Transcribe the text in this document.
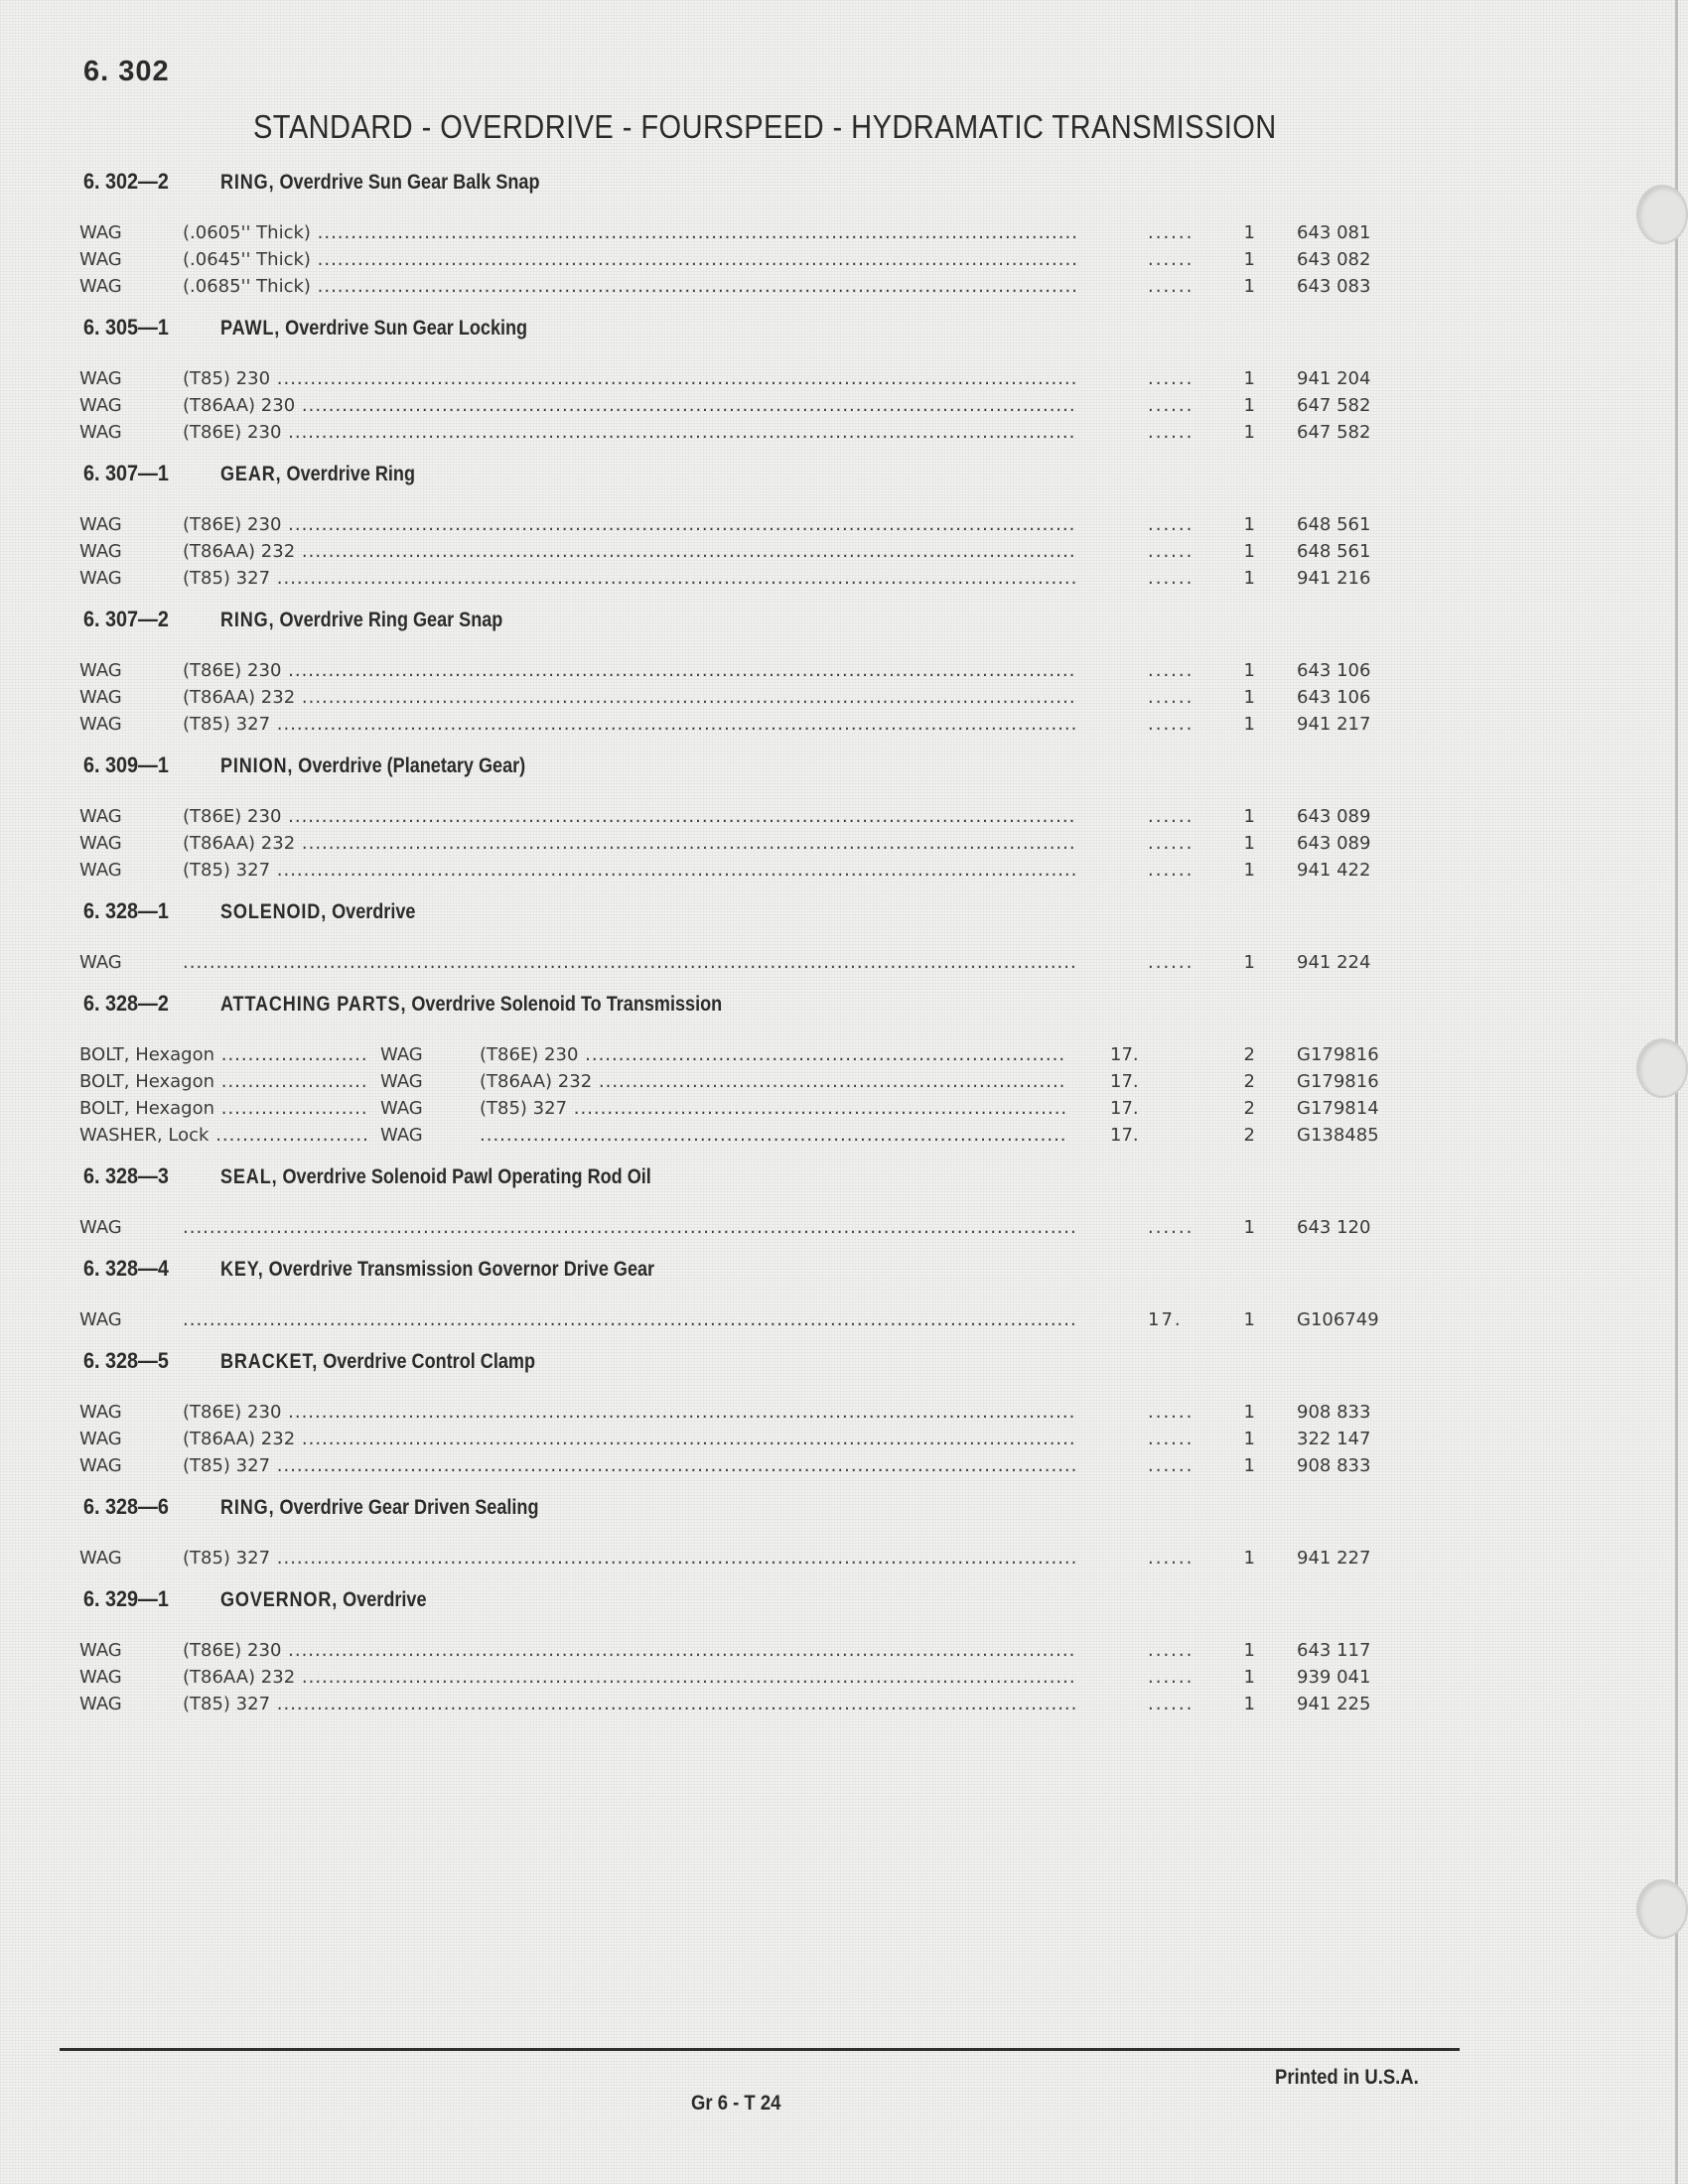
6. 302
STANDARD - OVERDRIVE - FOURSPEED - HYDRAMATIC TRANSMISSION
6. 302—2	RING, Overdrive Sun Gear Balk Snap
WAG	(.0605'' Thick) .....	......	1 643 081
WAG	(.0645'' Thick) .....	......	1 643 082
WAG	(.0685'' Thick) .....	......	1 643 083
6. 305—1	PAWL, Overdrive Sun Gear Locking
WAG	(T85) 230 .....	......	1 941 204
WAG	(T86AA) 230 .....	......	1 647 582
WAG	(T86E) 230 .....	......	1 647 582
6. 307—1	GEAR, Overdrive Ring
WAG	(T86E) 230 .....	......	1 648 561
WAG	(T86AA) 232 .....	......	1 648 561
WAG	(T85) 327 .....	......	1 941 216
6. 307—2	RING, Overdrive Ring Gear Snap
WAG	(T86E) 230 .....	......	1 643 106
WAG	(T86AA) 232 .....	......	1 643 106
WAG	(T85) 327 .....	......	1 941 217
6. 309—1	PINION, Overdrive (Planetary Gear)
WAG	(T86E) 230 .....	......	1 643 089
WAG	(T86AA) 232 .....	......	1 643 089
WAG	(T85) 327 .....	......	1 941 422
6. 328—1	SOLENOID, Overdrive
WAG .....	......	1 941 224
6. 328—2	ATTACHING PARTS, Overdrive Solenoid To Transmission
BOLT, Hexagon .....	WAG	(T86E) 230 .....	17.	2 G179816
BOLT, Hexagon .....	WAG	(T86AA) 232 .....	17.	2 G179816
BOLT, Hexagon .....	WAG	(T85) 327 .....	17.	2 G179814
WASHER, Lock .....	WAG .....	17.	2 G138485
6. 328—3	SEAL, Overdrive Solenoid Pawl Operating Rod Oil
WAG .....	......	1 643 120
6. 328—4	KEY, Overdrive Transmission Governor Drive Gear
WAG .....	17.	1 G106749
6. 328—5	BRACKET, Overdrive Control Clamp
WAG	(T86E) 230 .....	......	1 908 833
WAG	(T86AA) 232 .....	......	1 322 147
WAG	(T85) 327 .....	......	1 908 833
6. 328—6	RING, Overdrive Gear Driven Sealing
WAG	(T85) 327 .....	......	1 941 227
6. 329—1	GOVERNOR, Overdrive
WAG	(T86E) 230 .....	......	1 643 117
WAG	(T86AA) 232 .....	......	1 939 041
WAG	(T85) 327 .....	......	1 941 225
Printed in U.S.A.
Gr 6 - T 24
